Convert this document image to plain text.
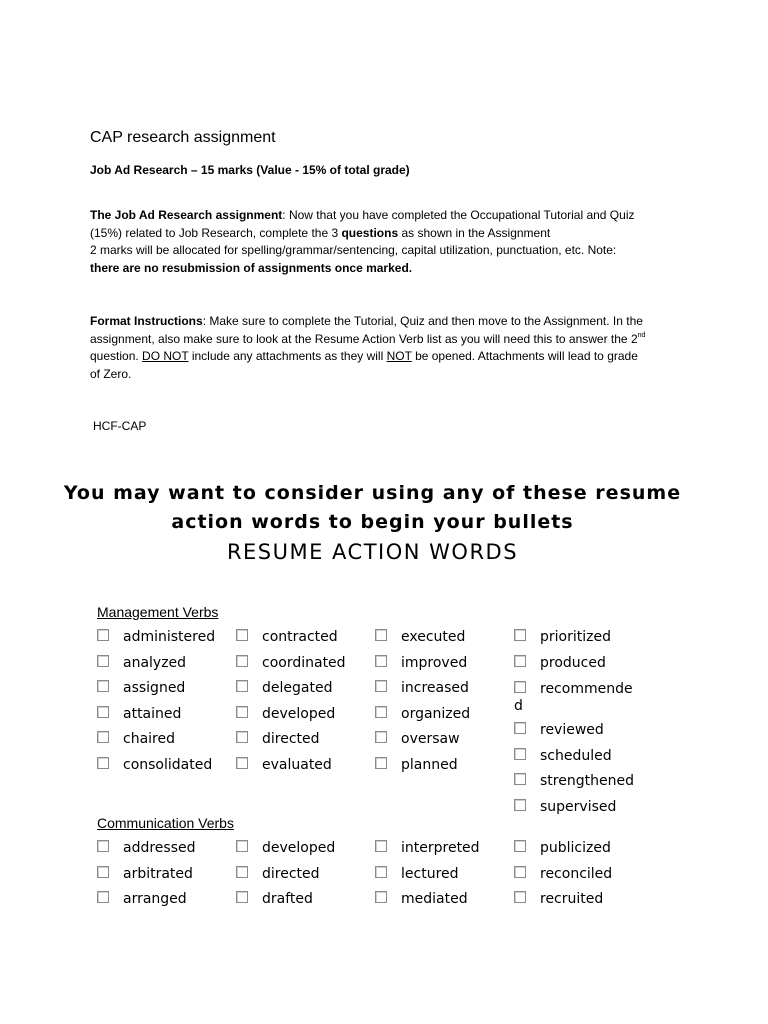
CAP research assignment
Job Ad Research – 15 marks (Value - 15% of total grade)
The Job Ad Research assignment: Now that you have completed the Occupational Tutorial and Quiz
(15%) related to Job Research, complete the 3 questions as shown in the Assignment
2 marks will be allocated for spelling/grammar/sentencing, capital utilization, punctuation, etc. Note:
there are no resubmission of assignments once marked.
Format Instructions: Make sure to complete the Tutorial, Quiz and then move to the Assignment. In the
assignment, also make sure to look at the Resume Action Verb list as you will need this to answer the 2nd
question. DO NOT include any attachments as they will NOT be opened. Attachments will lead to grade
of Zero.
HCF-CAP
You may want to consider using any of these resume
action words to begin your bullets
RESUME ACTION WORDS
Management Verbs
administered
analyzed
assigned
attained
chaired
consolidated
contracted
coordinated
delegated
developed
directed
evaluated
executed
improved
increased
organized
oversaw
planned
prioritized
produced
recommende
reviewed
scheduled
strengthened
supervised
d
Communication Verbs
addressed
arbitrated
arranged
developed
directed
drafted
interpreted
lectured
mediated
publicized
reconciled
recruited
